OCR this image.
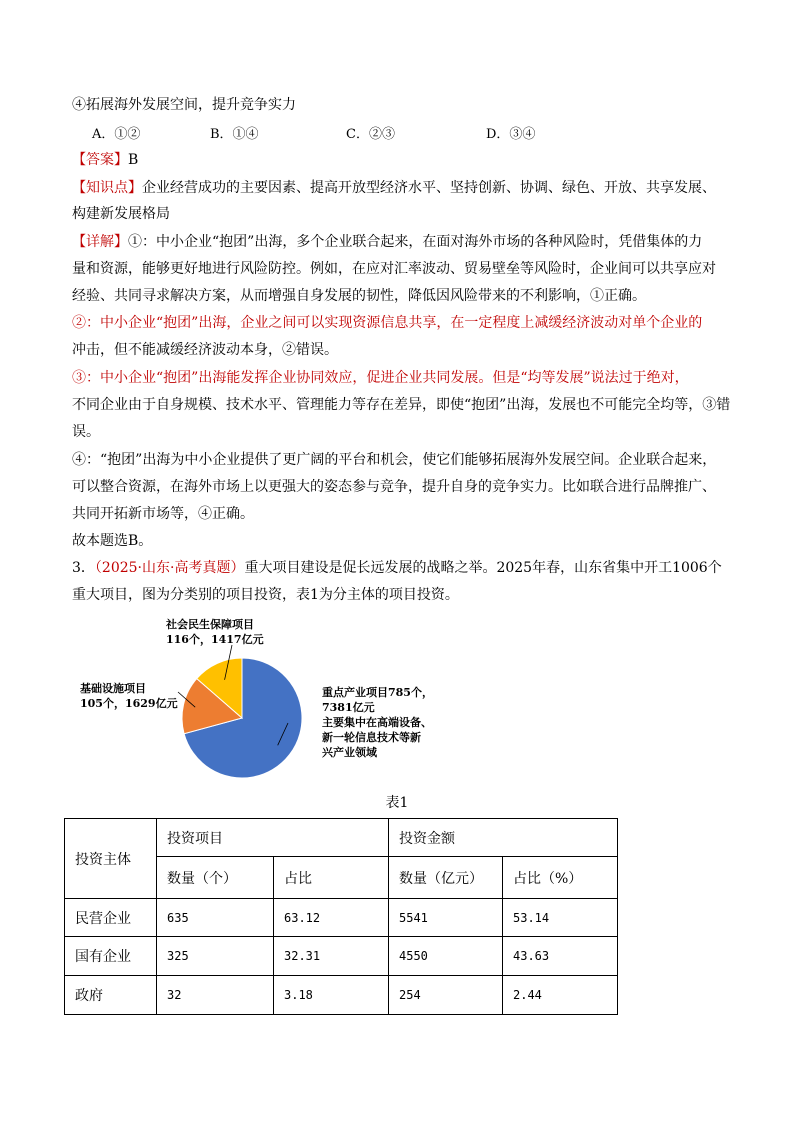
④拓展海外发展空间，提升竞争实力
A．①②	B．①④	C．②③	D．③④
【答案】B
【知识点】企业经营成功的主要因素、提高开放型经济水平、坚持创新、协调、绿色、开放、共享发展、
构建新发展格局
【详解】①：中小企业“抱团”出海，多个企业联合起来，在面对海外市场的各种风险时，凭借集体的力
量和资源，能够更好地进行风险防控。例如，在应对汇率波动、贸易壁垒等风险时，企业间可以共享应对
经验、共同寻求解决方案，从而增强自身发展的韧性，降低因风险带来的不利影响，①正确。
②：中小企业“抱团”出海，企业之间可以实现资源信息共享，在一定程度上减缓经济波动对单个企业的
冲击，但不能减缓经济波动本身，②错误。
③：中小企业“抱团”出海能发挥企业协同效应，促进企业共同发展。但是“均等发展”说法过于绝对，
不同企业由于自身规模、技术水平、管理能力等存在差异，即使“抱团”出海，发展也不可能完全均等，③错
误。
④：“抱团”出海为中小企业提供了更广阔的平台和机会，使它们能够拓展海外发展空间。企业联合起来，
可以整合资源，在海外市场上以更强大的姿态参与竞争，提升自身的竞争实力。比如联合进行品牌推广、
共同开拓新市场等，④正确。
故本题选B。
3．（2025·山东·高考真题）重大项目建设是促长远发展的战略之举。2025年春，山东省集中开工1006个
重大项目，图为分类别的项目投资，表1为分主体的项目投资。
重点产业项目785个，
7381亿元
主要集中在高端设备、
新一轮信息技术等新
兴产业领域
基础设施项目
105个，1629亿元
社会民生保障项目
116个，1417亿元
表1
投资主体	投资项目		投资金额	
	数量（个）	占比	数量（亿元）	占比（%）
民营企业	635	63.12	5541	53.14
国有企业	325	32.31	4550	43.63
政府	32	3.18	254	2.44
